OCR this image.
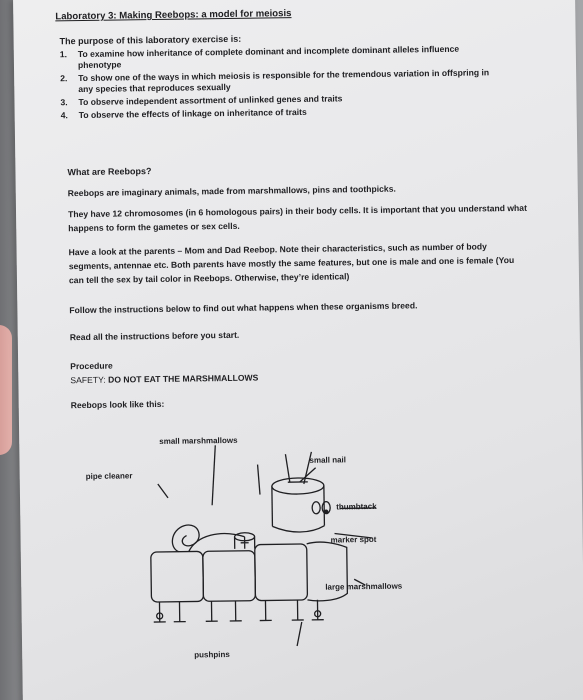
Laboratory 3: Making Reebops: a model for meiosis
The purpose of this laboratory exercise is:
1. To examine how inheritance of complete dominant and incomplete dominant alleles influence phenotype
2. To show one of the ways in which meiosis is responsible for the tremendous variation in offspring in any species that reproduces sexually
3. To observe independent assortment of unlinked genes and traits
4. To observe the effects of linkage on inheritance of traits
What are Reebops?
Reebops are imaginary animals, made from marshmallows, pins and toothpicks.
They have 12 chromosomes (in 6 homologous pairs) in their body cells. It is important that you understand what happens to form the gametes or sex cells.
Have a look at the parents – Mom and Dad Reebop. Note their characteristics, such as number of body segments, antennae etc. Both parents have mostly the same features, but one is male and one is female (You can tell the sex by tail color in Reebops. Otherwise, they’re identical)
Follow the instructions below to find out what happens when these organisms breed.
Read all the instructions before you start.
Procedure
SAFETY: DO NOT EAT THE MARSHMALLOWS
Reebops look like this:
small marshmallows
small nail
pipe cleaner
thumbtack
marker spot
large marshmallows
pushpins
